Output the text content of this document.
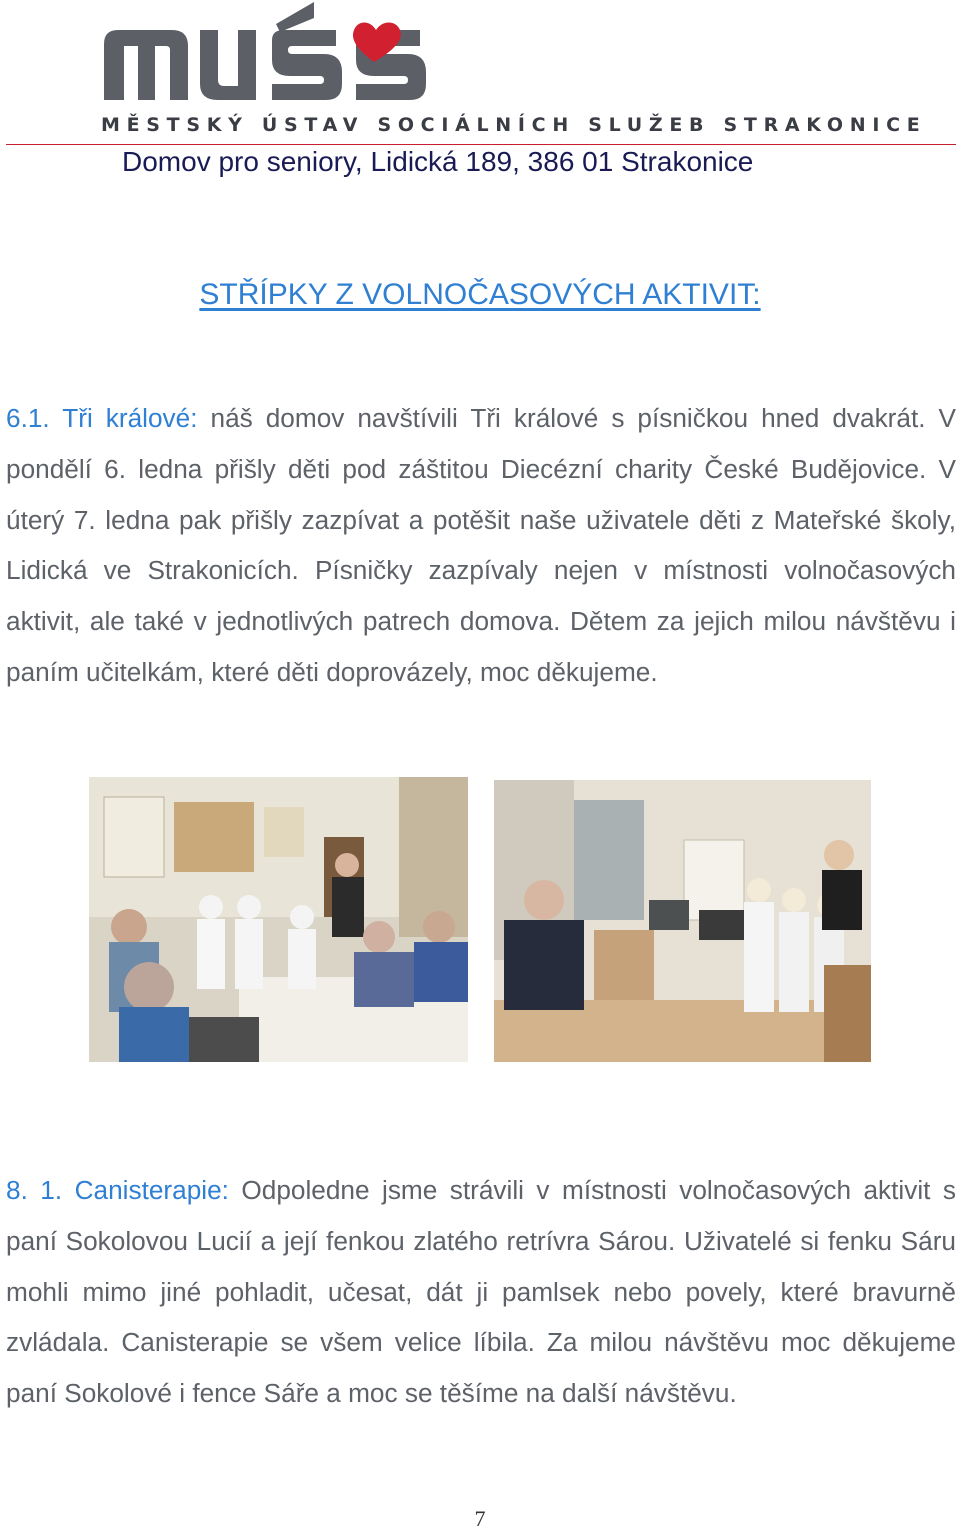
MĚSTSKÝ ÚSTAV SOCIÁLNÍCH SLUŽEB STRAKONICE
Domov pro seniory, Lidická 189, 386 01 Strakonice
STŘÍPKY Z VOLNOČASOVÝCH AKTIVIT:
6.1. Tři králové: náš domov navštívili Tři králové s písničkou hned dvakrát. V pondělí 6. ledna přišly děti pod záštitou Diecézní charity České Budějovice. V úterý 7. ledna pak přišly zazpívat a potěšit naše uživatele děti z Mateřské školy, Lidická ve Strakonicích. Písničky zazpívaly nejen v místnosti volnočasových aktivit, ale také v jednotlivých patrech domova. Dětem za jejich milou návštěvu i paním učitelkám, které děti doprovázely, moc děkujeme.
8. 1. Canisterapie: Odpoledne jsme strávili v místnosti volnočasových aktivit s paní Sokolovou Lucií a její fenkou zlatého retrívra Sárou. Uživatelé si fenku Sáru mohli mimo jiné pohladit, učesat, dát ji pamlsek nebo povely, které bravurně zvládala. Canisterapie se všem velice líbila. Za milou návštěvu moc děkujeme paní Sokolové i fence Sáře a moc se těšíme na další návštěvu.
7
